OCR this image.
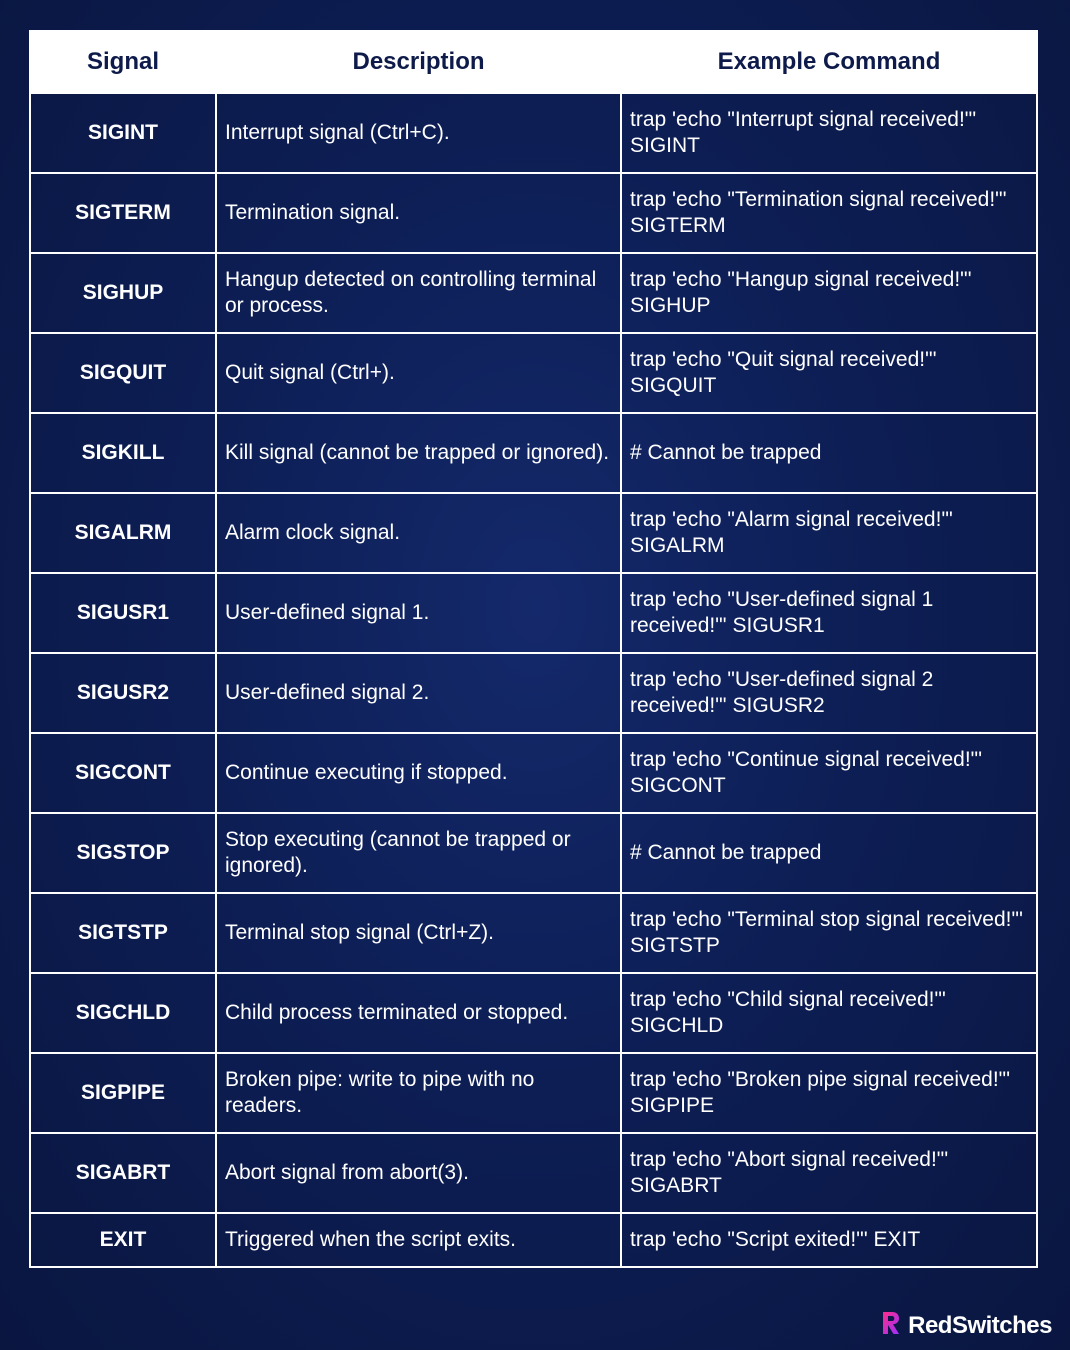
Signal	Description	Example Command
SIGINT	Interrupt signal (Ctrl+C).	trap 'echo "Interrupt signal received!"' SIGINT
SIGTERM	Termination signal.	trap 'echo "Termination signal received!"' SIGTERM
SIGHUP	Hangup detected on controlling terminal or process.	trap 'echo "Hangup signal received!"' SIGHUP
SIGQUIT	Quit signal (Ctrl+).	trap 'echo "Quit signal received!"' SIGQUIT
SIGKILL	Kill signal (cannot be trapped or ignored).	# Cannot be trapped
SIGALRM	Alarm clock signal.	trap 'echo "Alarm signal received!"' SIGALRM
SIGUSR1	User-defined signal 1.	trap 'echo "User-defined signal 1 received!"' SIGUSR1
SIGUSR2	User-defined signal 2.	trap 'echo "User-defined signal 2 received!"' SIGUSR2
SIGCONT	Continue executing if stopped.	trap 'echo "Continue signal received!"' SIGCONT
SIGSTOP	Stop executing (cannot be trapped or ignored).	# Cannot be trapped
SIGTSTP	Terminal stop signal (Ctrl+Z).	trap 'echo "Terminal stop signal received!"' SIGTSTP
SIGCHLD	Child process terminated or stopped.	trap 'echo "Child signal received!"' SIGCHLD
SIGPIPE	Broken pipe: write to pipe with no readers.	trap 'echo "Broken pipe signal received!"' SIGPIPE
SIGABRT	Abort signal from abort(3).	trap 'echo "Abort signal received!"' SIGABRT
EXIT	Triggered when the script exits.	trap 'echo "Script exited!"' EXIT
RedSwitches
